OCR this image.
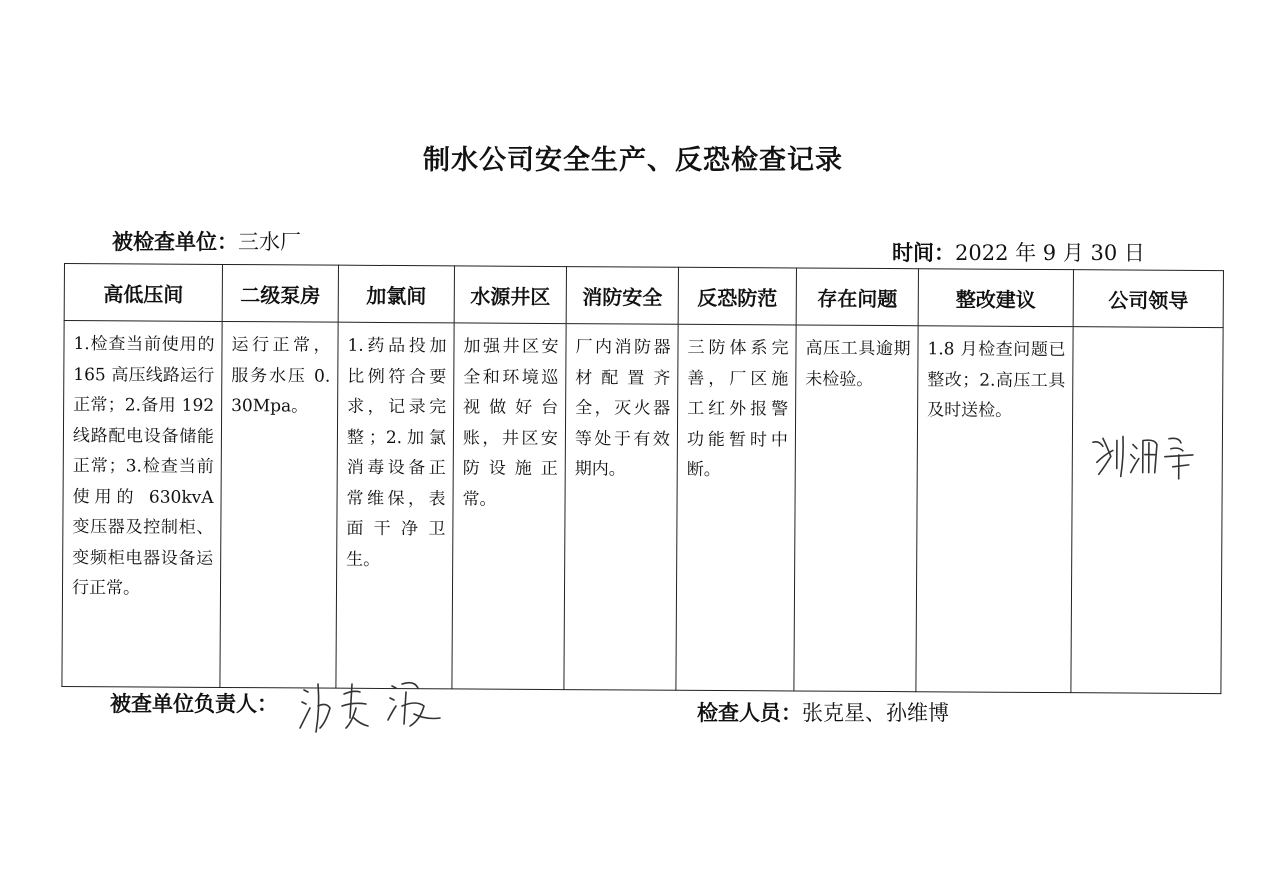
制水公司安全生产、反恐检查记录
被检查单位：三水厂	时间：2022 年 9 月 30 日
高低压间	二级泵房	加氯间	水源井区	消防安全	反恐防范	存在问题	整改建议	公司领导
1.检查当前使用的 165 高压线路运行正常；2.备用 192 线路配电设备储能正常；3.检查当前使用的 630kvA 变压器及控制柜、变频柜电器设备运行正常。	运行正常，服务水压 0.30Mpa。	1.药品投加比例符合要求，记录完整；2.加氯消毒设备正常维保，表面干净卫生。	加强井区安全和环境巡视做好台账，井区安防设施正常。	厂内消防器材配置齐全，灭火器等处于有效期内。	三防体系完善，厂区施工红外报警功能暂时中断。	高压工具逾期未检验。	1.8 月检查问题已整改；2.高压工具及时送检。	
被查单位负责人：	检查人员：张克星、孙维博
